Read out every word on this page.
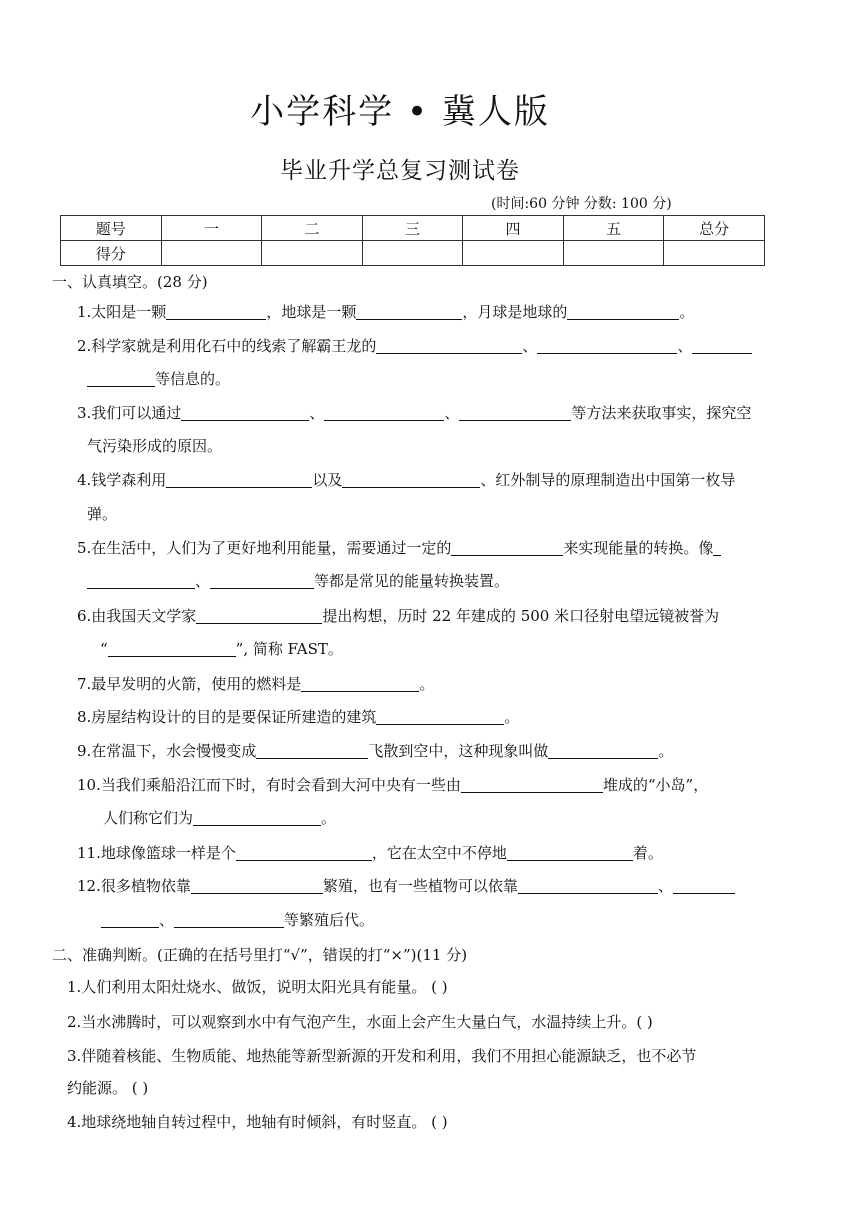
小学科学 • 冀人版
毕业升学总复习测试卷
(时间:60 分钟 分数: 100 分)
题号	一	二	三	四	五	总分
得分						
一、认真填空。(28 分)
1.太阳是一颗	，地球是一颗	，月球是地球的	。
2.科学家就是利用化石中的线索了解霸王龙的	、	、
等信息的。
3.我们可以通过	、	、	等方法来获取事实，探究空
气污染形成的原因。
4.钱学森利用	以及	、红外制导的原理制造出中国第一枚导
弹。
5.在生活中，人们为了更好地利用能量，需要通过一定的	来实现能量的转换。像
、	等都是常见的能量转换装置。
6.由我国天文学家	提出构想，历时 22 年建成的 500 米口径射电望远镜被誉为
“	”, 简称 FAST。
7.最早发明的火箭，使用的燃料是	。
8.房屋结构设计的目的是要保证所建造的建筑	。
9.在常温下，水会慢慢变成	飞散到空中，这种现象叫做	。
10.当我们乘船沿江而下时，有时会看到大河中央有一些由	堆成的“小岛”，
人们称它们为	。
11.地球像篮球一样是个	，它在太空中不停地	着。
12.很多植物依靠	繁殖，也有一些植物可以依靠	、
、	等繁殖后代。
二、准确判断。(正确的在括号里打“√”，错误的打“×”)(11 分)
1.人们利用太阳灶烧水、做饭，说明太阳光具有能量。 ( )
2.当水沸腾时，可以观察到水中有气泡产生，水面上会产生大量白气，水温持续上升。( )
3.伴随着核能、生物质能、地热能等新型新源的开发和利用，我们不用担心能源缺乏，也不必节
约能源。 ( )
4.地球绕地轴自转过程中，地轴有时倾斜，有时竖直。 ( )
